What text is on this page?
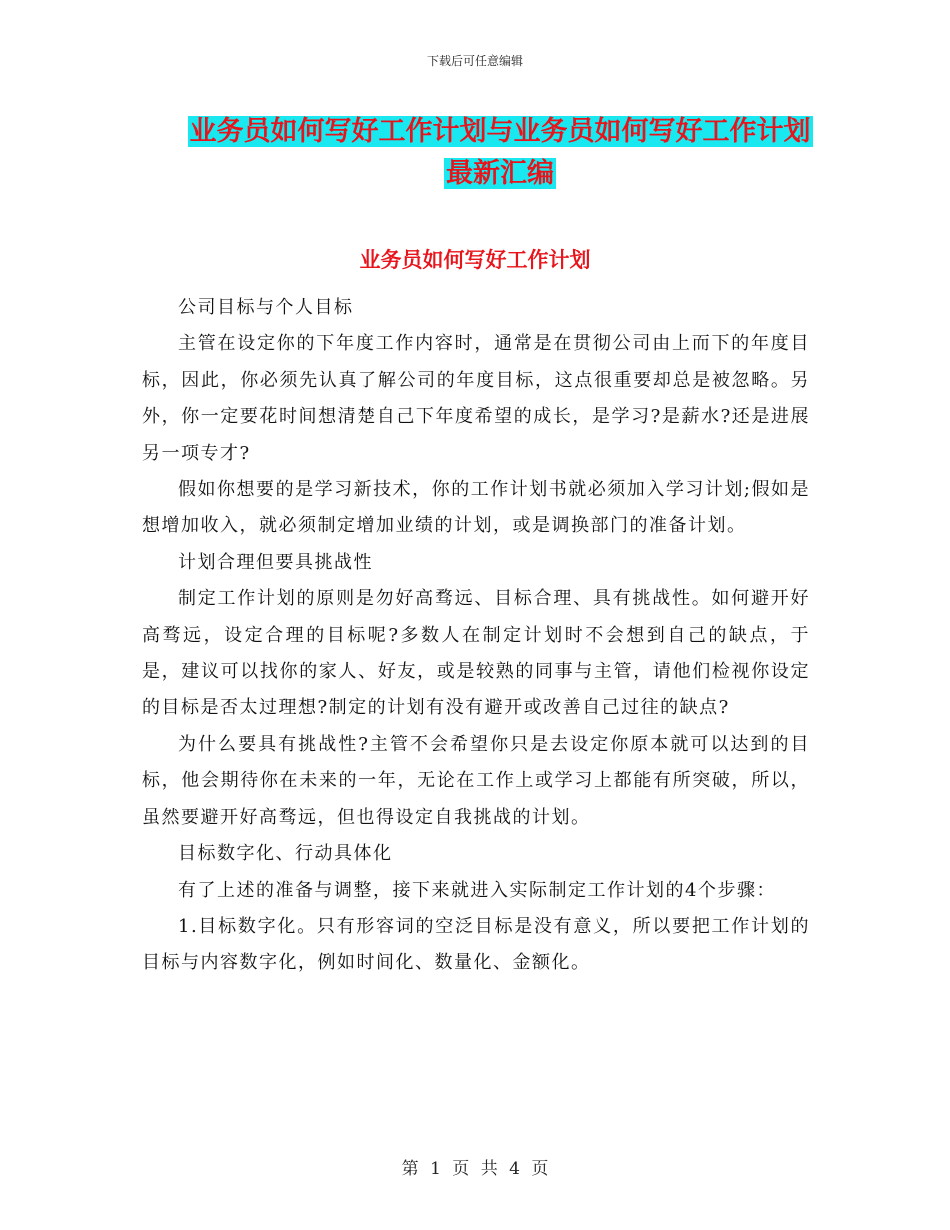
下载后可任意编辑
业务员如何写好工作计划与业务员如何写好工作计划
最新汇编
业务员如何写好工作计划

公司目标与个人目标

主管在设定你的下年度工作内容时，通常是在贯彻公司由上而下的年度目标，因此，你必须先认真了解公司的年度目标，这点很重要却总是被忽略。另外，你一定要花时间想清楚自己下年度希望的成长，是学习?是薪水?还是进展另一项专才?

假如你想要的是学习新技术，你的工作计划书就必须加入学习计划;假如是想增加收入，就必须制定增加业绩的计划，或是调换部门的准备计划。

计划合理但要具挑战性

制定工作计划的原则是勿好高骛远、目标合理、具有挑战性。如何避开好高骛远，设定合理的目标呢?多数人在制定计划时不会想到自己的缺点，于是，建议可以找你的家人、好友，或是较熟的同事与主管，请他们检视你设定的目标是否太过理想?制定的计划有没有避开或改善自己过往的缺点?

为什么要具有挑战性?主管不会希望你只是去设定你原本就可以达到的目标，他会期待你在未来的一年，无论在工作上或学习上都能有所突破，所以，虽然要避开好高骛远，但也得设定自我挑战的计划。

目标数字化、行动具体化

有了上述的准备与调整，接下来就进入实际制定工作计划的4个步骤：

1.目标数字化。只有形容词的空泛目标是没有意义，所以要把工作计划的目标与内容数字化，例如时间化、数量化、金额化。

第 1 页 共 4 页
